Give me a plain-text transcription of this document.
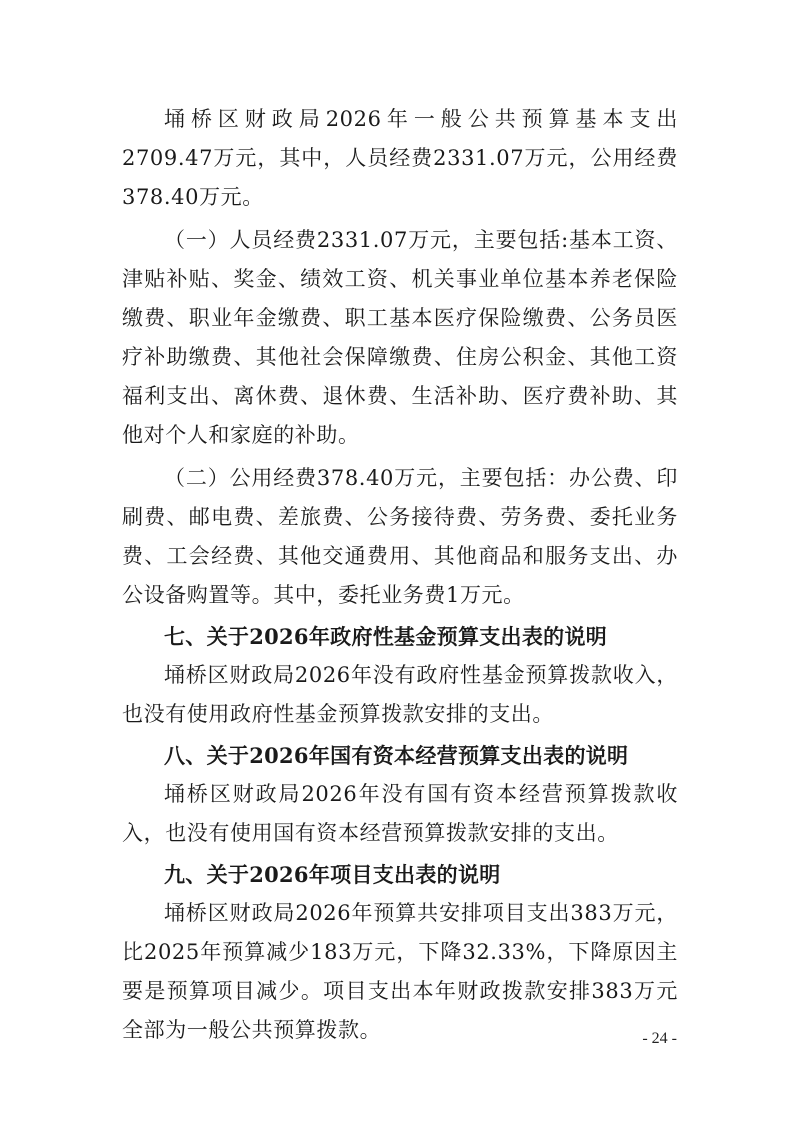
埇桥区财政局2026年一般公共预算基本支出2709.47万元，其中，人员经费2331.07万元，公用经费378.40万元。

（一）人员经费2331.07万元，主要包括:基本工资、津贴补贴、奖金、绩效工资、机关事业单位基本养老保险缴费、职业年金缴费、职工基本医疗保险缴费、公务员医疗补助缴费、其他社会保障缴费、住房公积金、其他工资福利支出、离休费、退休费、生活补助、医疗费补助、其他对个人和家庭的补助。

（二）公用经费378.40万元，主要包括：办公费、印刷费、邮电费、差旅费、公务接待费、劳务费、委托业务费、工会经费、其他交通费用、其他商品和服务支出、办公设备购置等。其中，委托业务费1万元。

七、关于2026年政府性基金预算支出表的说明

埇桥区财政局2026年没有政府性基金预算拨款收入，也没有使用政府性基金预算拨款安排的支出。

八、关于2026年国有资本经营预算支出表的说明

埇桥区财政局2026年没有国有资本经营预算拨款收入，也没有使用国有资本经营预算拨款安排的支出。

九、关于2026年项目支出表的说明

埇桥区财政局2026年预算共安排项目支出383万元，比2025年预算减少183万元，下降32.33%，下降原因主要是预算项目减少。项目支出本年财政拨款安排383万元全部为一般公共预算拨款。	- 24 -
